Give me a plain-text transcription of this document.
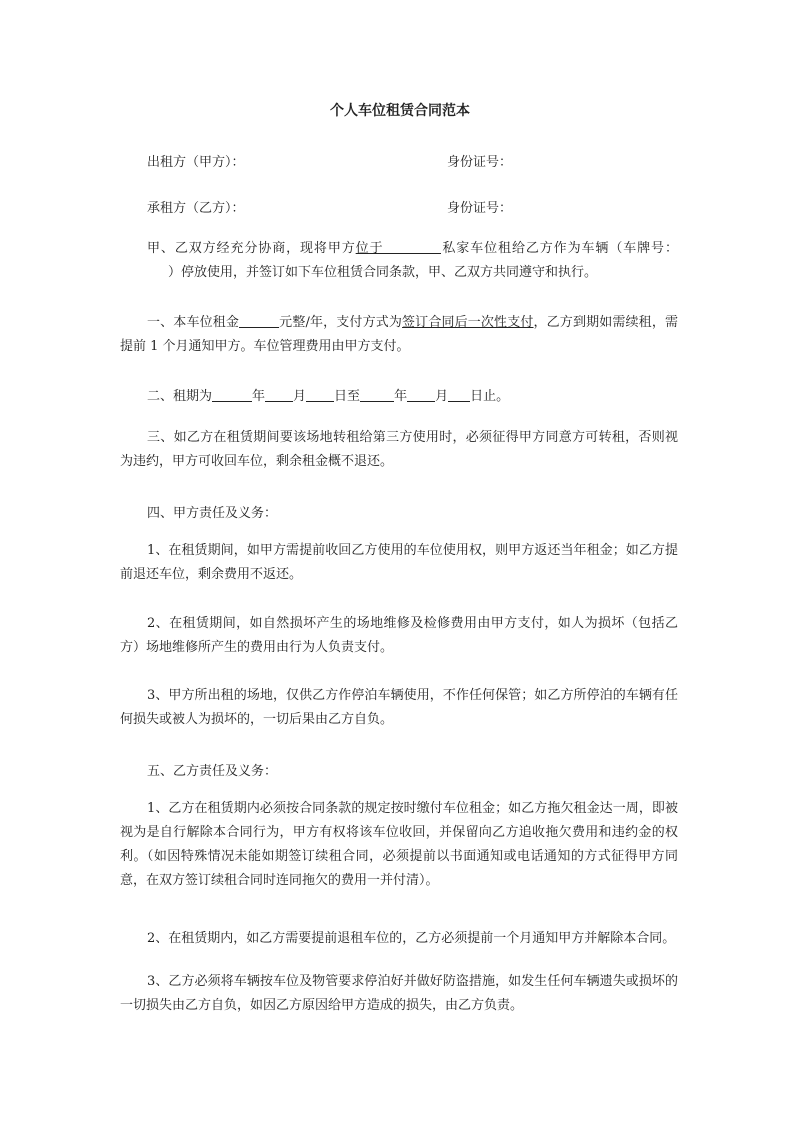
个人车位租赁合同范本
出租方（甲方）：	身份证号：
承租方（乙方）：	身份证号：
甲、乙双方经充分协商，现将甲方位于	私家车位租给乙方作为车辆（车牌号：）停放使用，并签订如下车位租赁合同条款，甲、乙双方共同遵守和执行。
一、本车位租金	元整/年，支付方式为签订合同后一次性支付，乙方到期如需续租，需提前 1 个月通知甲方。车位管理费用由甲方支付。
二、租期为	年 月 日至	年 月 日止。
三、如乙方在租赁期间要该场地转租给第三方使用时，必须征得甲方同意方可转租，否则视为违约，甲方可收回车位，剩余租金概不退还。
四、甲方责任及义务：
1、在租赁期间，如甲方需提前收回乙方使用的车位使用权，则甲方返还当年租金；如乙方提前退还车位，剩余费用不返还。
2、在租赁期间，如自然损坏产生的场地维修及检修费用由甲方支付，如人为损坏（包括乙方）场地维修所产生的费用由行为人负责支付。
3、甲方所出租的场地，仅供乙方作停泊车辆使用，不作任何保管；如乙方所停泊的车辆有任何损失或被人为损坏的，一切后果由乙方自负。
五、乙方责任及义务：
1、乙方在租赁期内必须按合同条款的规定按时缴付车位租金；如乙方拖欠租金达一周，即被视为是自行解除本合同行为，甲方有权将该车位收回，并保留向乙方追收拖欠费用和违约金的权利。（如因特殊情况未能如期签订续租合同，必须提前以书面通知或电话通知的方式征得甲方同意，在双方签订续租合同时连同拖欠的费用一并付清）。
2、在租赁期内，如乙方需要提前退租车位的，乙方必须提前一个月通知甲方并解除本合同。
3、乙方必须将车辆按车位及物管要求停泊好并做好防盗措施，如发生任何车辆遗失或损坏的一切损失由乙方自负，如因乙方原因给甲方造成的损失，由乙方负责。
